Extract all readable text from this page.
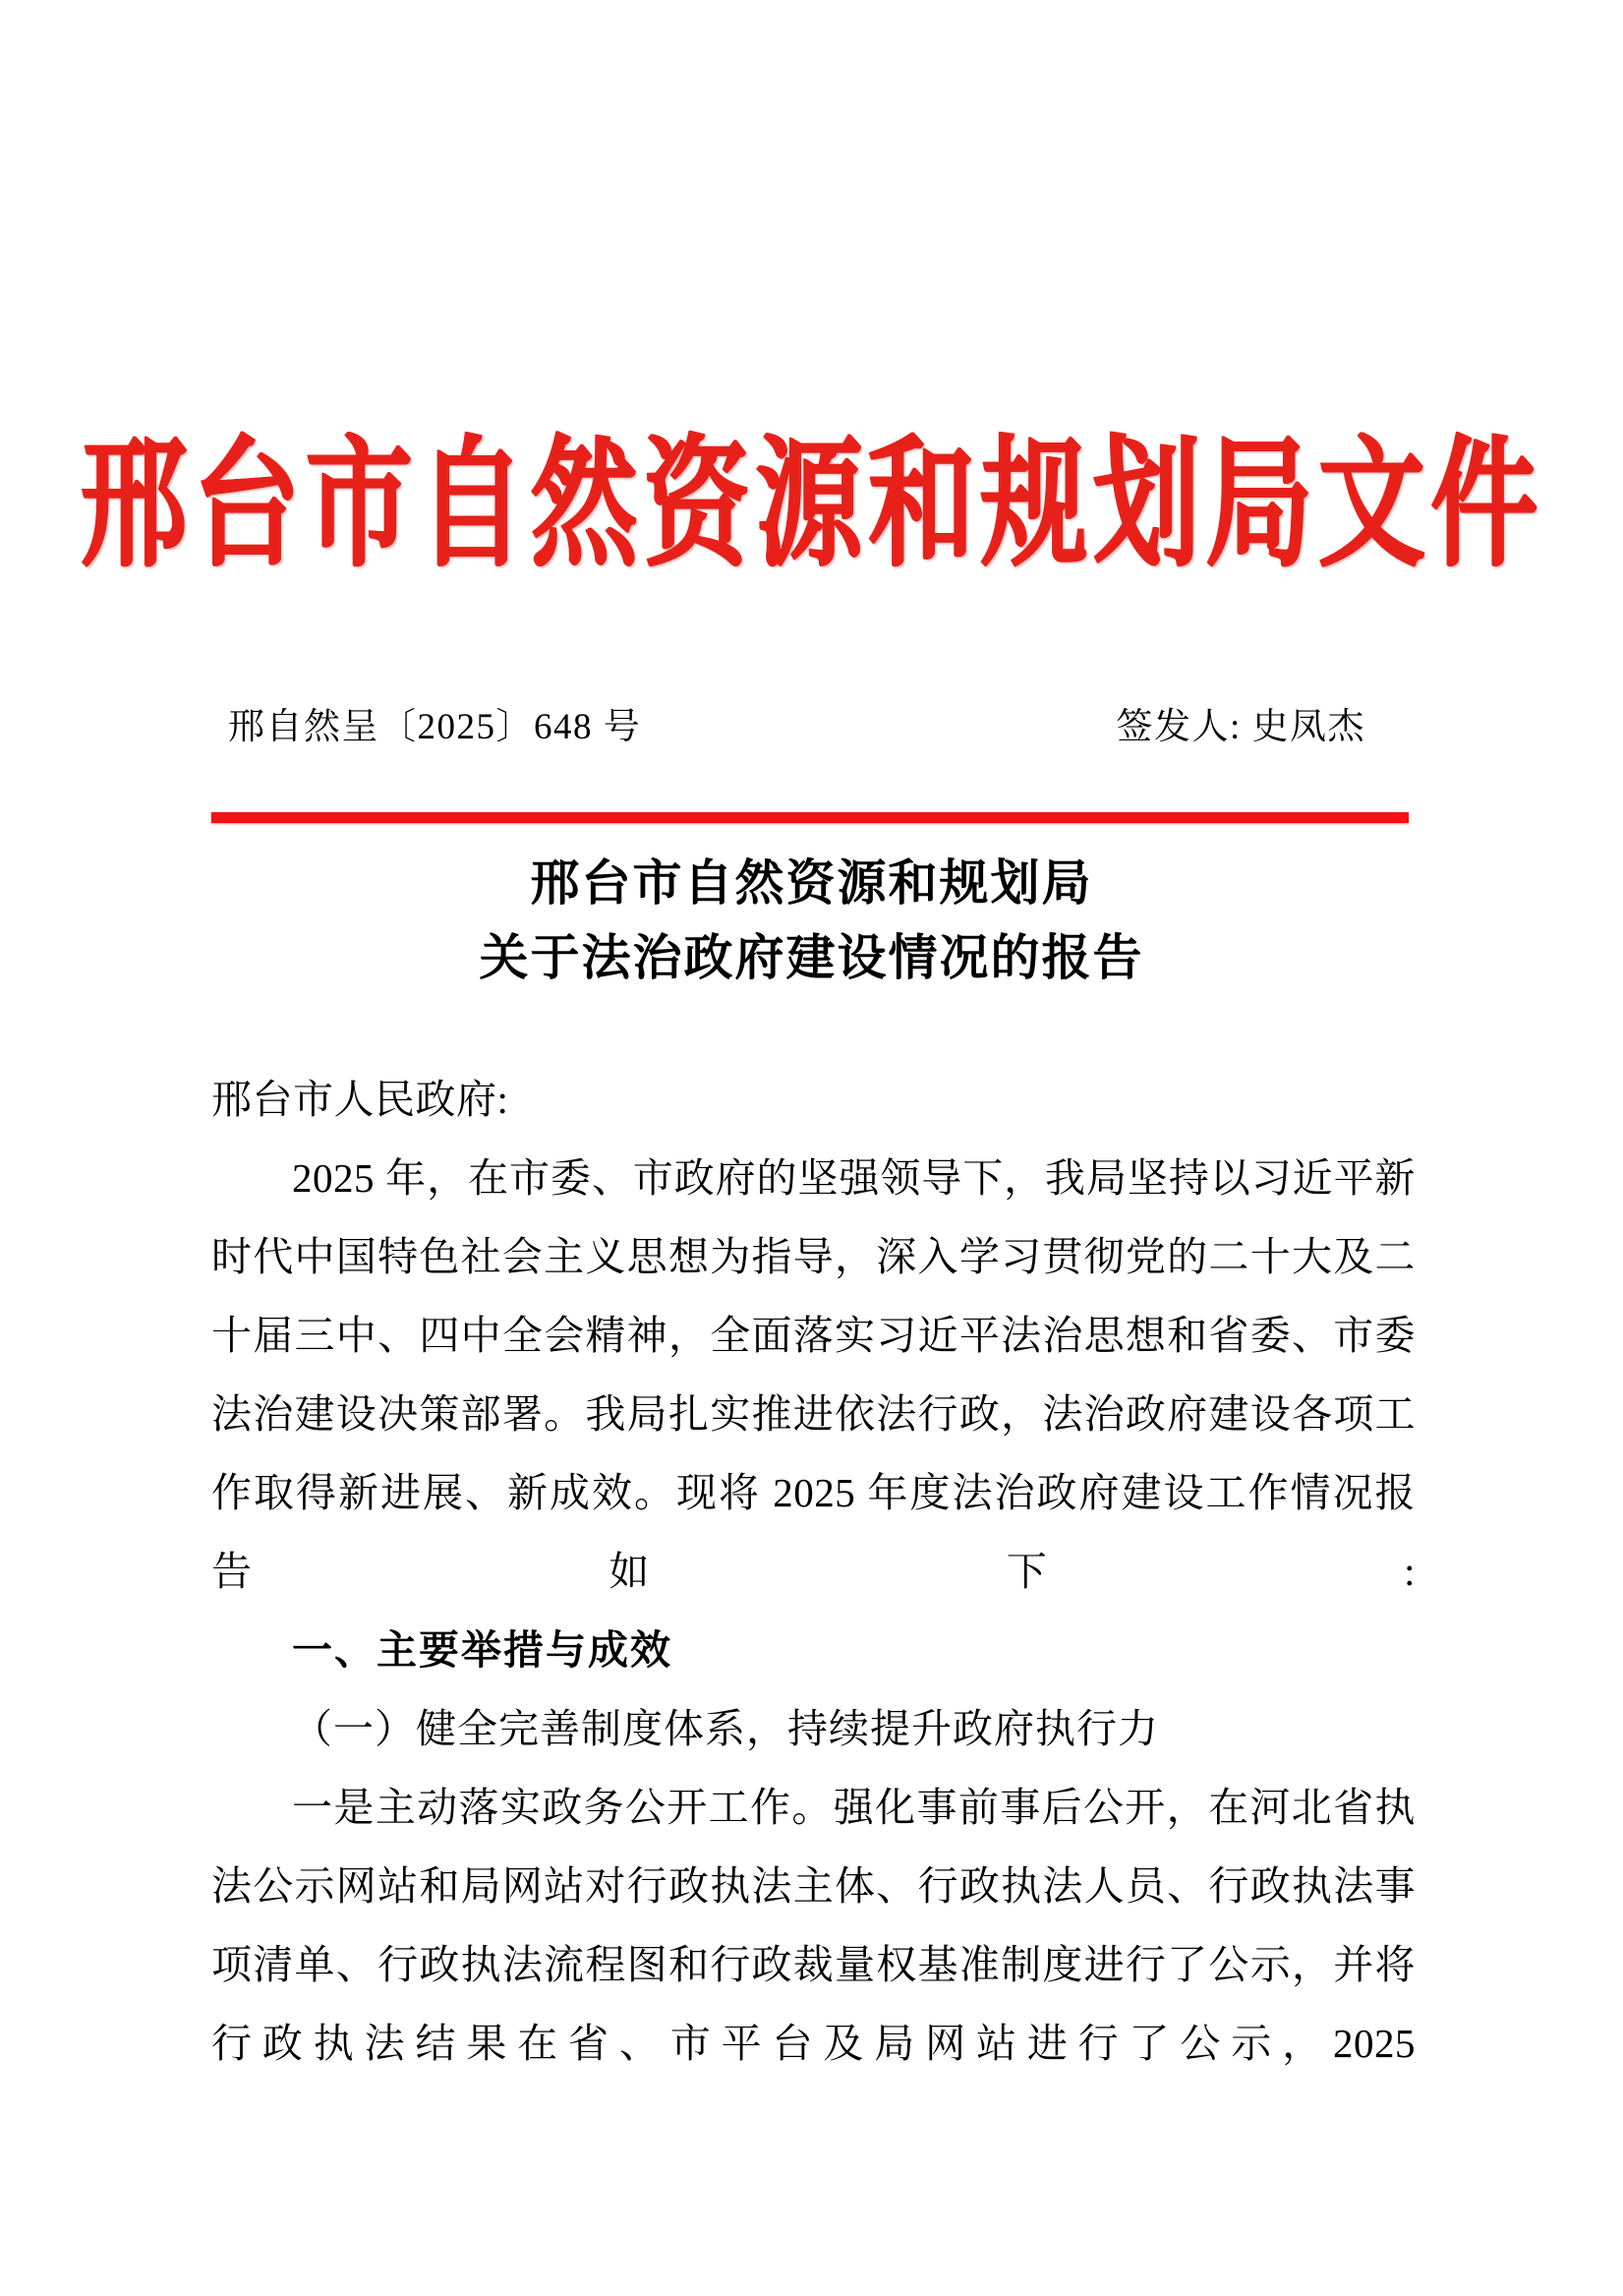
邢台市自然资源和规划局文件
邢自然呈〔2025〕648 号	签发人: 史凤杰
邢台市自然资源和规划局
关于法治政府建设情况的报告

邢台市人民政府:

2025 年，在市委、市政府的坚强领导下，我局坚持以习近平新时代中国特色社会主义思想为指导，深入学习贯彻党的二十大及二十届三中、四中全会精神，全面落实习近平法治思想和省委、市委法治建设决策部署。我局扎实推进依法行政，法治政府建设各项工作取得新进展、新成效。现将 2025 年度法治政府建设工作情况报告如下:

一、主要举措与成效

（一）健全完善制度体系，持续提升政府执行力

一是主动落实政务公开工作。强化事前事后公开，在河北省执法公示网站和局网站对行政执法主体、行政执法人员、行政执法事项清单、行政执法流程图和行政裁量权基准制度进行了公示，并将行政执法结果在省、市平台及局网站进行了公示，2025
